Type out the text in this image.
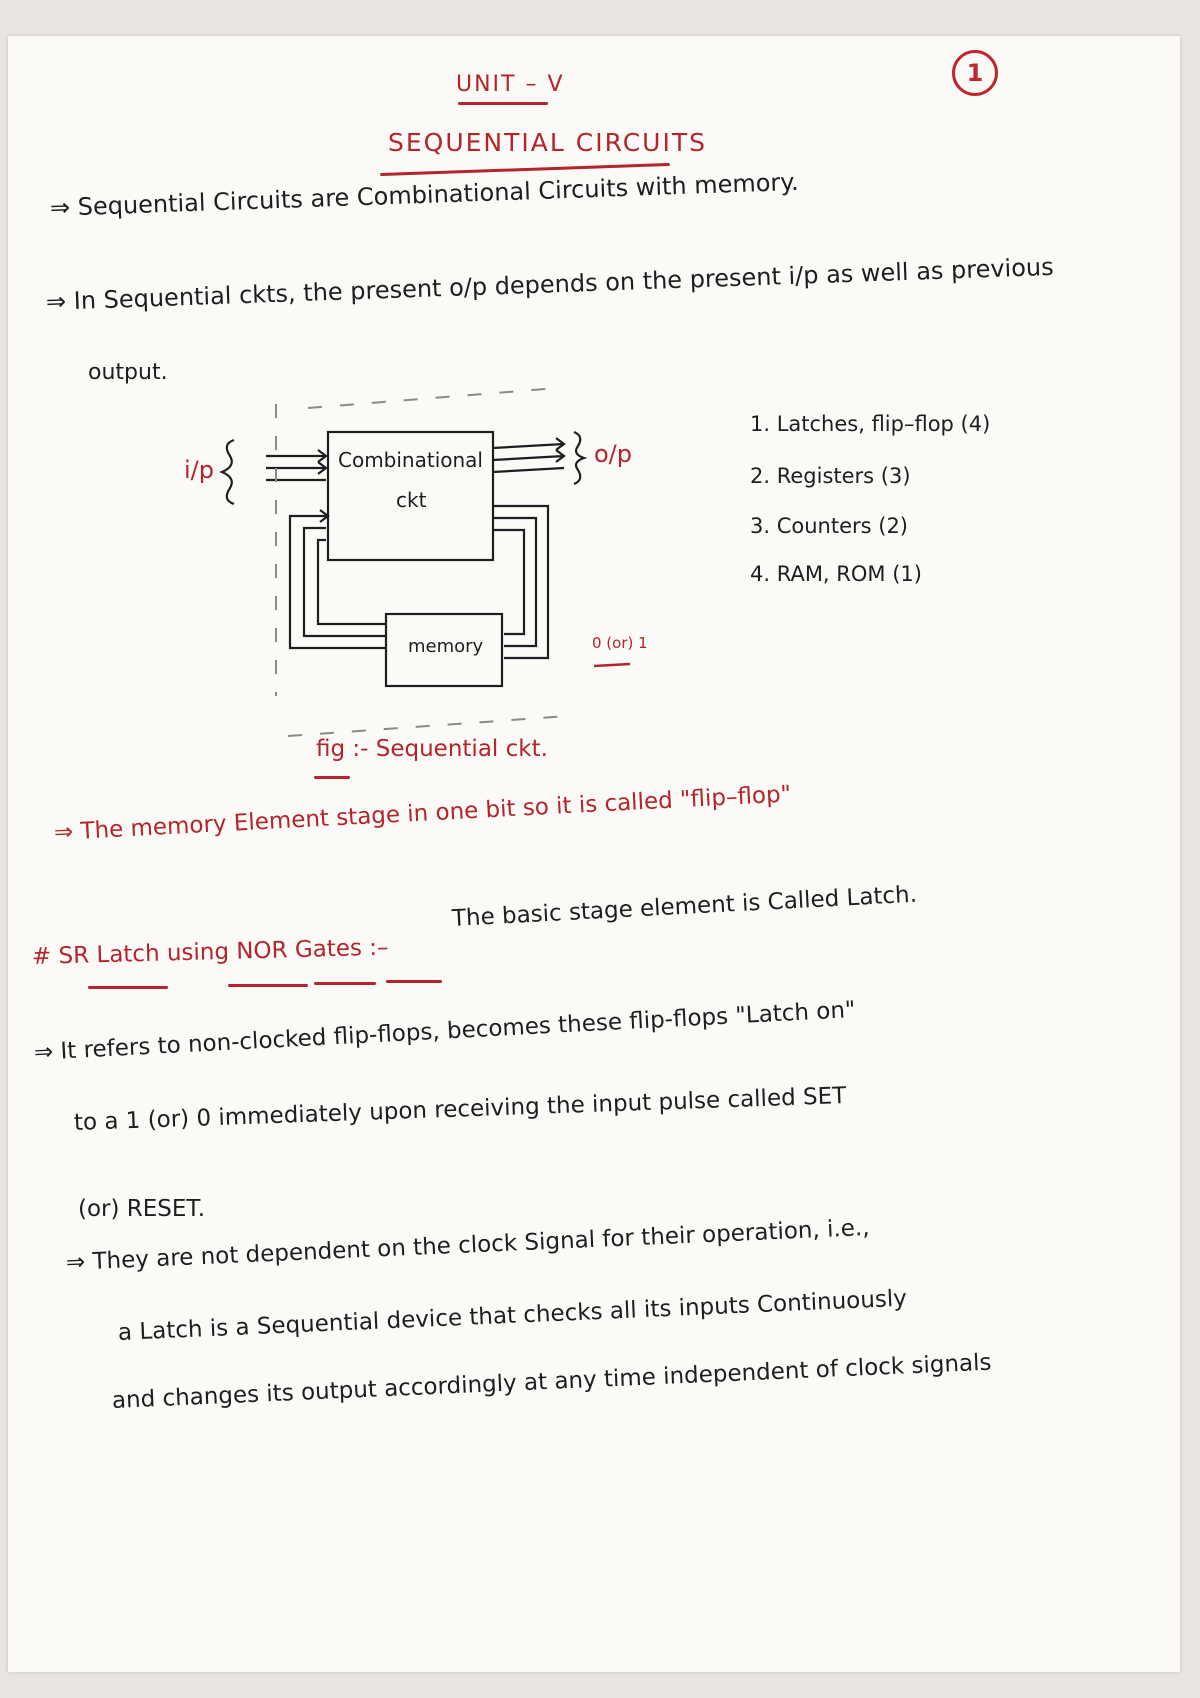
UNIT – V
SEQUENTIAL CIRCUITS
1
⇒ Sequential Circuits are Combinational Circuits with memory.
⇒ In Sequential ckts, the present o/p depends on the present i/p as well as previous
output.
i/p
o/p
Combinational
ckt
memory	0 (or) 1
1. Latches, flip–flop (4)
2. Registers (3)
3. Counters (2)
4. RAM, ROM (1)
fig :- Sequential ckt.
⇒ The memory Element stage in one bit so it is called "flip–flop"
# SR Latch using NOR Gates :–
The basic stage element is Called Latch.
⇒ It refers to non-clocked flip-flops, becomes these flip-flops "Latch on"
to a 1 (or) 0 immediately upon receiving the input pulse called SET
(or) RESET.
⇒ They are not dependent on the clock Signal for their operation, i.e.,
a Latch is a Sequential device that checks all its inputs Continuously
and changes its output accordingly at any time independent of clock signals
